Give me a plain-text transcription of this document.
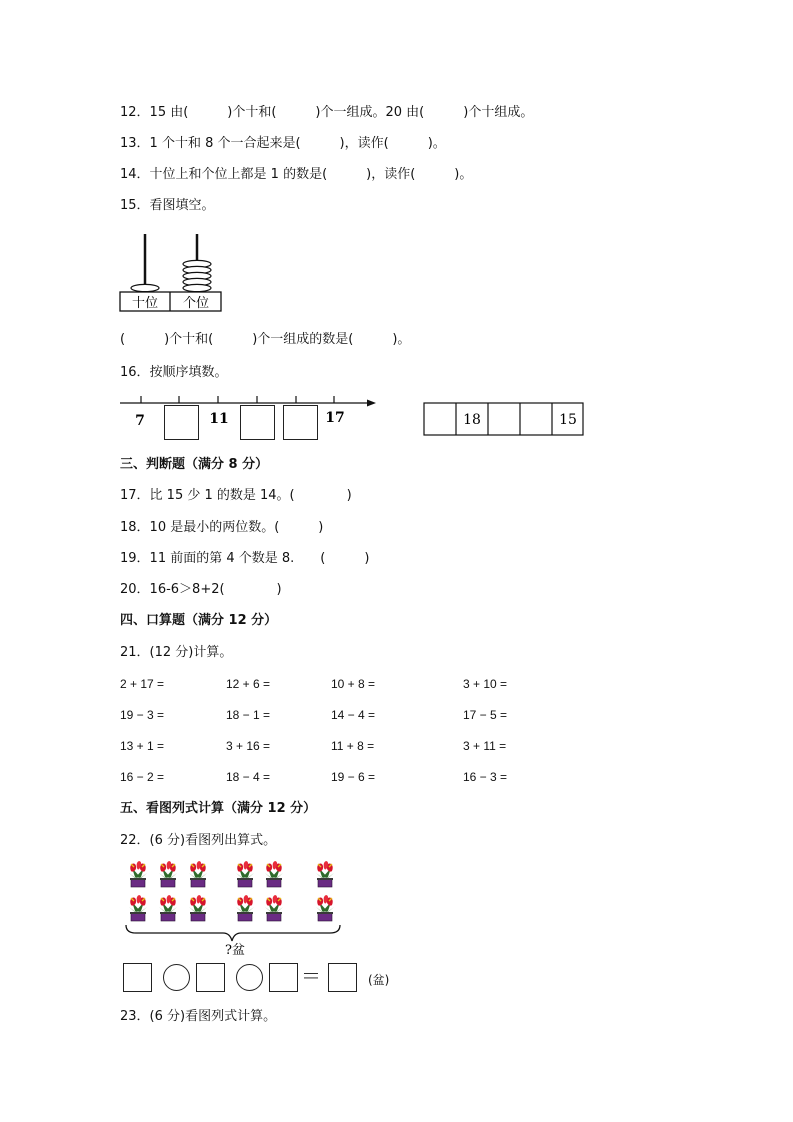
12．15 由(　　　)个十和(　　　)个一组成。20 由(　　　)个十组成。
13．1 个十和 8 个一合起来是(　　　)，读作(　　　)。
14．十位上和个位上都是 1 的数是(　　　)，读作(　　　)。
15．看图填空。
十位 个位
(　　　)个十和(　　　)个一组成的数是(　　　)。
16．按顺序填数。
7	11	17	18	15
三、判断题（满分 8 分）
17．比 15 少 1 的数是 14。(　　　　)
18．10 是最小的两位数。(　　　)
19．11 前面的第 4 个数是 8.　　(　　　)
20．16-6＞8+2(　　　　)
四、口算题（满分 12 分）
21．(12 分)计算。
2 + 17 =	12 + 6 =	10 + 8 =	3 + 10 =
19 − 3 =	18 − 1 =	14 − 4 =	17 − 5 =
13 + 1 =	3 + 16 =	11 + 8 =	3 + 11 =
16 − 2 =	18 − 4 =	19 − 6 =	16 − 3 =
五、看图列式计算（满分 12 分）
22．(6 分)看图列出算式。
?盆
＝	(盆)
23．(6 分)看图列式计算。
